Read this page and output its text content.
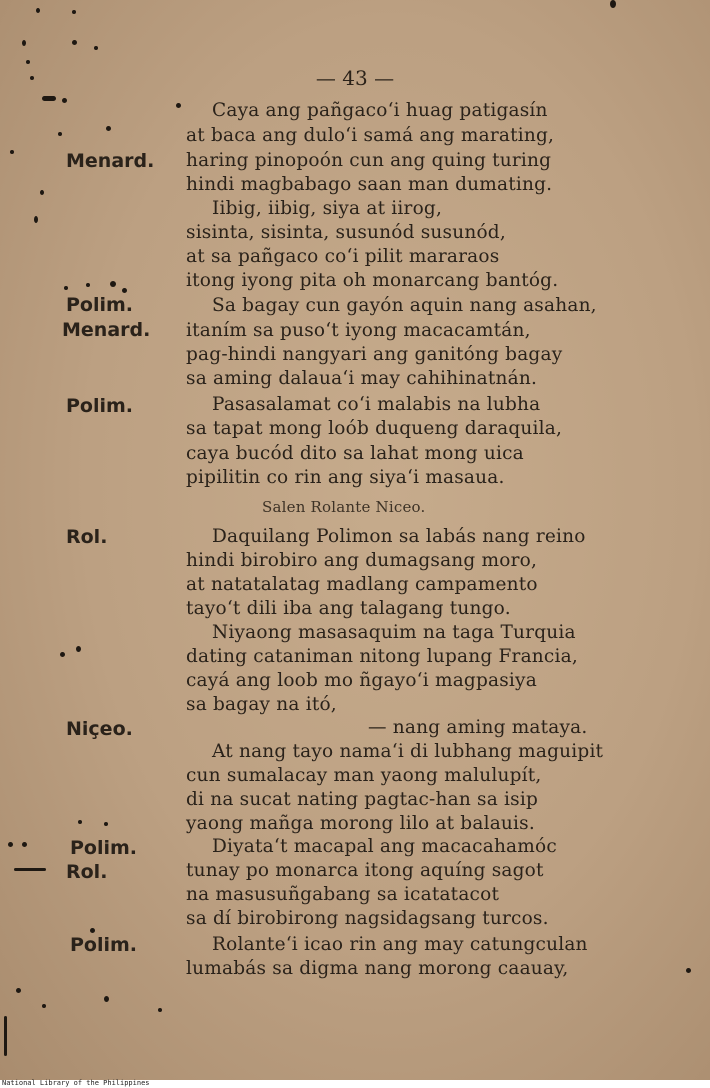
— 43 —
Menard.
Polim.
Menard.
Polim.
Rol.
Niçeo.
Polim.
Rol.
Polim.
Caya ang pañgaco‘i huag patigasín
at baca ang dulo‘i samá ang marating,
haring pinopoón cun ang quing turing
hindi magbabago saan man dumating.
Iibig, iibig, siya at iirog,
sisinta, sisinta, susunód susunód,
at sa pañgaco co‘i pilit mararaos
itong iyong pita oh monarcang bantóg.
Sa bagay cun gayón aquin nang asahan,
itaním sa puso‘t iyong macacamtán,
pag-hindi nangyari ang ganitóng bagay
sa aming dalaua‘i may cahihinatnán.
Pasasalamat co‘i malabis na lubha
sa tapat mong loób duqueng daraquila,
caya bucód dito sa lahat mong uica
pipilitin co rin ang siya‘i masaua.
Salen Rolante Niceo.
Daquilang Polimon sa labás nang reino
hindi birobiro ang dumagsang moro,
at natatalatag madlang campamento
tayo‘t dili iba ang talagang tungo.
Niyaong masasaquim na taga Turquia
dating cataniman nitong lupang Francia,
cayá ang loob mo ñgayo‘i magpasiya
sa bagay na itó,
— nang aming mataya.
At nang tayo nama‘i di lubhang maguipit
cun sumalacay man yaong malulupít,
di na sucat nating pagtac-han sa isip
yaong mañga morong lilo at balauis.
Diyata‘t macapal ang macacahamóc
tunay po monarca itong aquíng sagot
na masusuñgabang sa icatatacot
sa dí birobirong nagsidagsang turcos.
Rolante‘i icao rin ang may catungculan
lumabás sa digma nang morong caauay,
National Library of the Philippines
